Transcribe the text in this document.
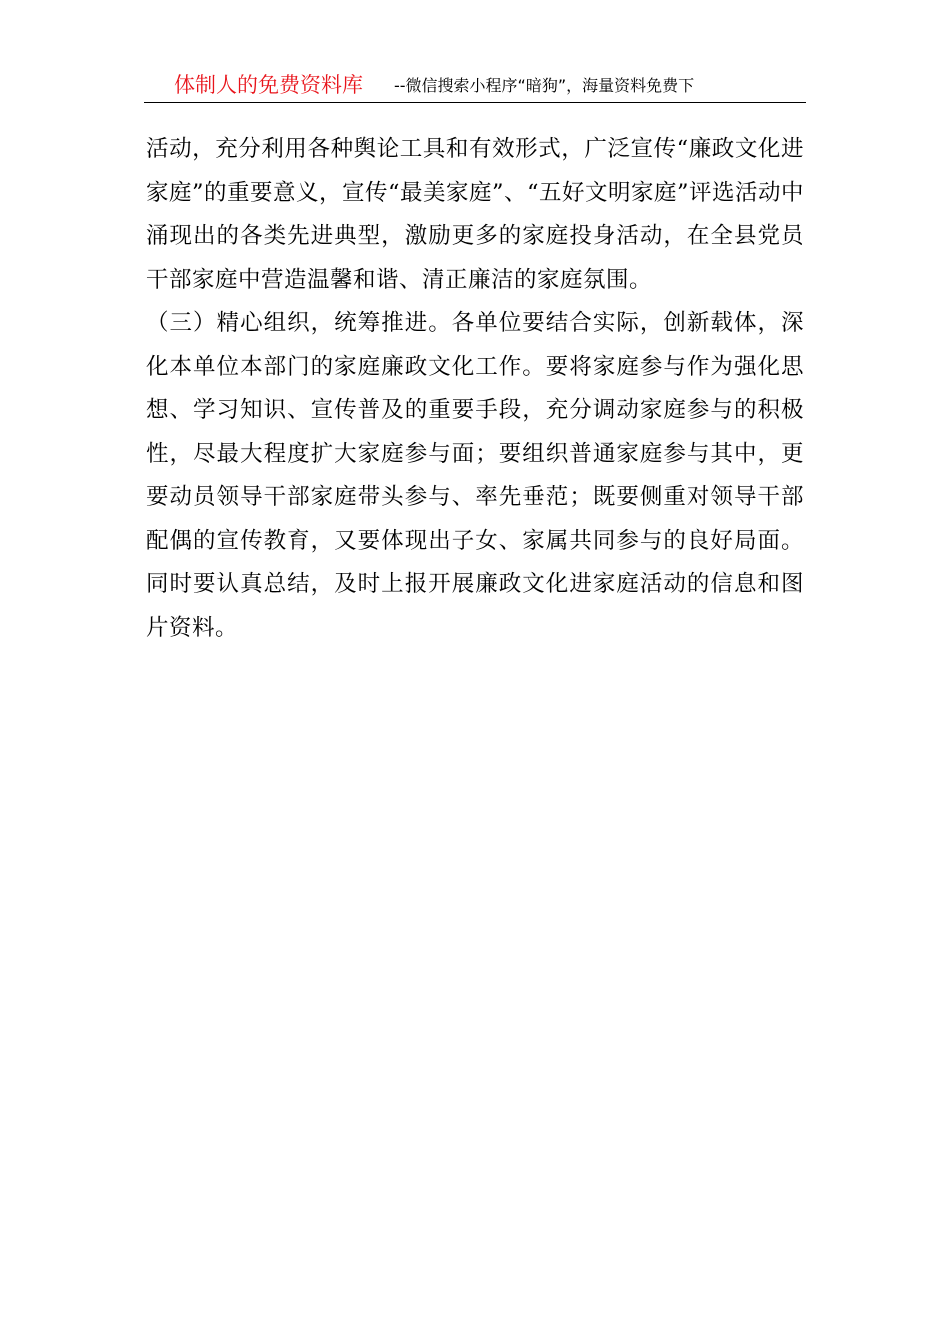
体制人的免费资料库 --微信搜索小程序“暗狗”，海量资料免费下

活动，充分利用各种舆论工具和有效形式，广泛宣传“廉政文化进家庭”的重要意义，宣传“最美家庭”、“五好文明家庭”评选活动中涌现出的各类先进典型，激励更多的家庭投身活动，在全县党员干部家庭中营造温馨和谐、清正廉洁的家庭氛围。

（三）精心组织，统筹推进。各单位要结合实际，创新载体，深化本单位本部门的家庭廉政文化工作。要将家庭参与作为强化思想、学习知识、宣传普及的重要手段，充分调动家庭参与的积极性，尽最大程度扩大家庭参与面；要组织普通家庭参与其中，更要动员领导干部家庭带头参与、率先垂范；既要侧重对领导干部配偶的宣传教育，又要体现出子女、家属共同参与的良好局面。同时要认真总结，及时上报开展廉政文化进家庭活动的信息和图片资料。
